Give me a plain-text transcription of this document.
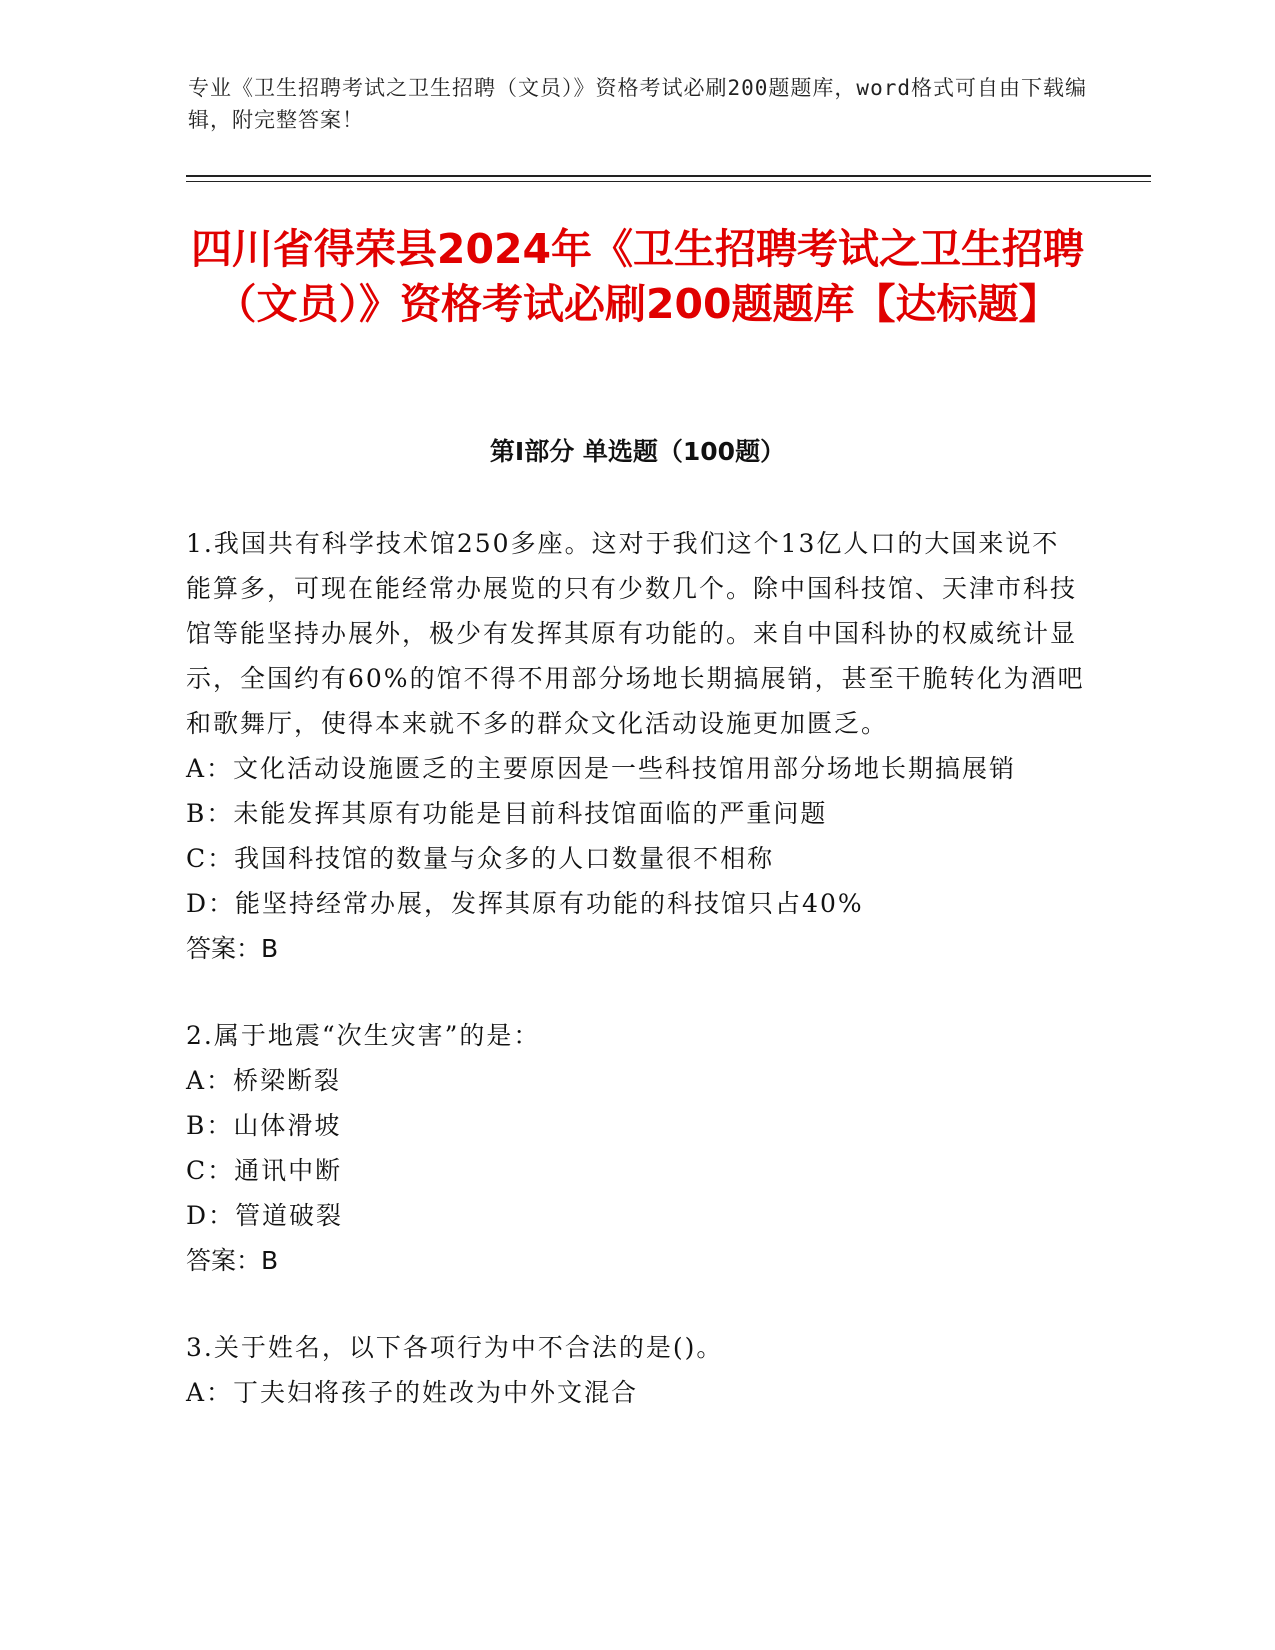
专业《卫生招聘考试之卫生招聘（文员）》资格考试必刷200题题库，word格式可自由下载编辑，附完整答案！
四川省得荣县2024年《卫生招聘考试之卫生招聘（文员）》资格考试必刷200题题库【达标题】
第Ⅰ部分 单选题（100题）

1.我国共有科学技术馆250多座。这对于我们这个13亿人口的大国来说不能算多，可现在能经常办展览的只有少数几个。除中国科技馆、天津市科技馆等能坚持办展外，极少有发挥其原有功能的。来自中国科协的权威统计显示，全国约有60%的馆不得不用部分场地长期搞展销，甚至干脆转化为酒吧和歌舞厅，使得本来就不多的群众文化活动设施更加匮乏。

A：文化活动设施匮乏的主要原因是一些科技馆用部分场地长期搞展销

B：未能发挥其原有功能是目前科技馆面临的严重问题

C：我国科技馆的数量与众多的人口数量很不相称

D：能坚持经常办展，发挥其原有功能的科技馆只占40%

答案：B

2.属于地震“次生灾害”的是：

A：桥梁断裂

B：山体滑坡

C：通讯中断

D：管道破裂

答案：B

3.关于姓名，以下各项行为中不合法的是()。

A：丁夫妇将孩子的姓改为中外文混合
